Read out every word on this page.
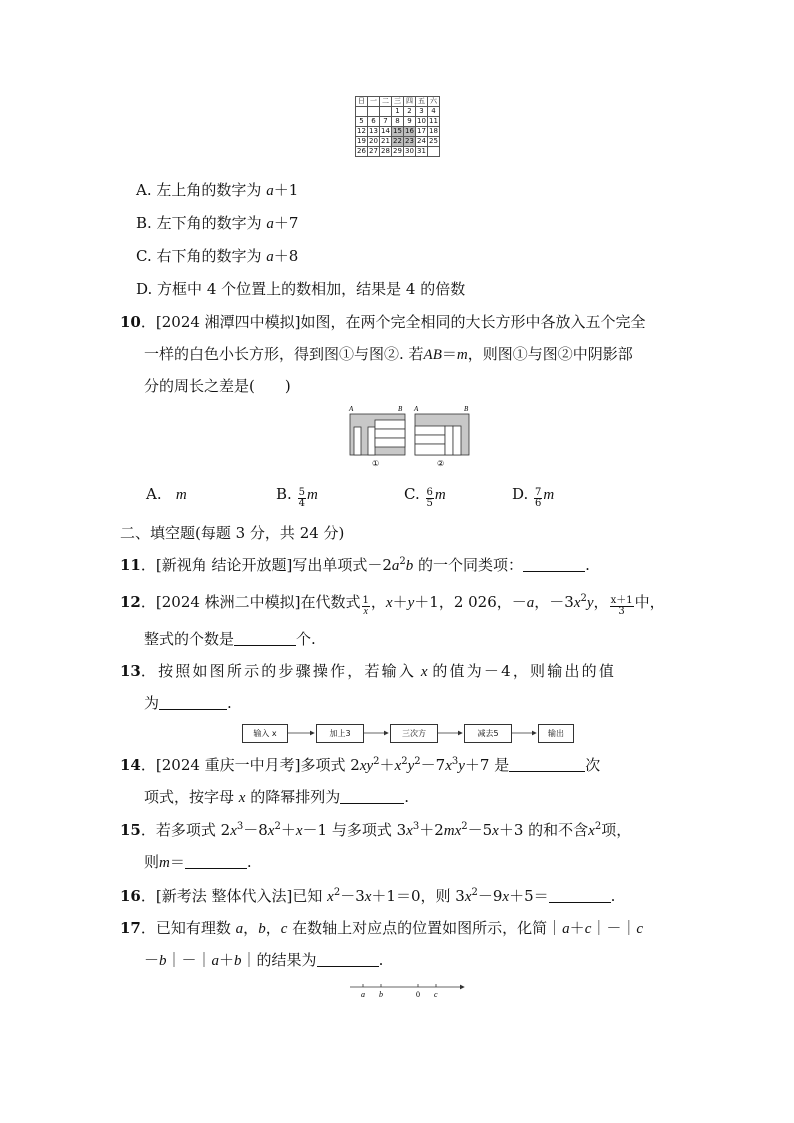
日	一	二	三	四	五	六
			1	2	3	4
5	6	7	8	9	10	11
12	13	14	15	16	17	18
19	20	21	22	23	24	25
26	27	28	29	30	31	
A. 左上角的数字为 a＋1
B. 左下角的数字为 a＋7
C. 右下角的数字为 a＋8
D. 方框中 4 个位置上的数相加，结果是 4 的倍数
10．[2024 湘潭四中模拟]如图，在两个完全相同的大长方形中各放入五个完全
一样的白色小长方形，得到图①与图②. 若AB＝m，则图①与图②中阴影部
分的周长之差是(　　)
A	B
①
A	B
②
A. m	B. $\frac{5}{4}$ m	C. $\frac{6}{5}$ m	D. $\frac{7}{6}$ m
二、填空题(每题 3 分，共 24 分)
11．[新视角 结论开放题]写出单项式$-2a^2b$ 的一个同类项：	.
12．[2024 株洲二中模拟]在代数式 $\frac{1}{x}$，x＋y＋1，2 026，－a，$-3x^2y$， $\frac{x+1}{3}$ 中，
整式的个数是	个.
13．按照如图所示的步骤操作，若输入 x 的值为－4，则输出的值
为	.
输入 x	加上3	三次方	减去5	输出
14．[2024 重庆一中月考]多项式 $2xy^2+x^2y^2-7x^3y+7$ 是	次
项式，按字母 x 的降幂排列为	.
15．若多项式 $2x^3-8x^2+x-1$ 与多项式 $3x^3+2mx^2-5x+3$ 的和不含$x^2$项，
则m＝	.
16．[新考法 整体代入法]已知 $x^2-3x+1=0$，则 $3x^2-9x+5=$	.
17．已知有理数 a，b，c 在数轴上对应点的位置如图所示，化简｜a＋c｜－｜c
－b｜－｜a＋b｜的结果为	.
a b	0 c
